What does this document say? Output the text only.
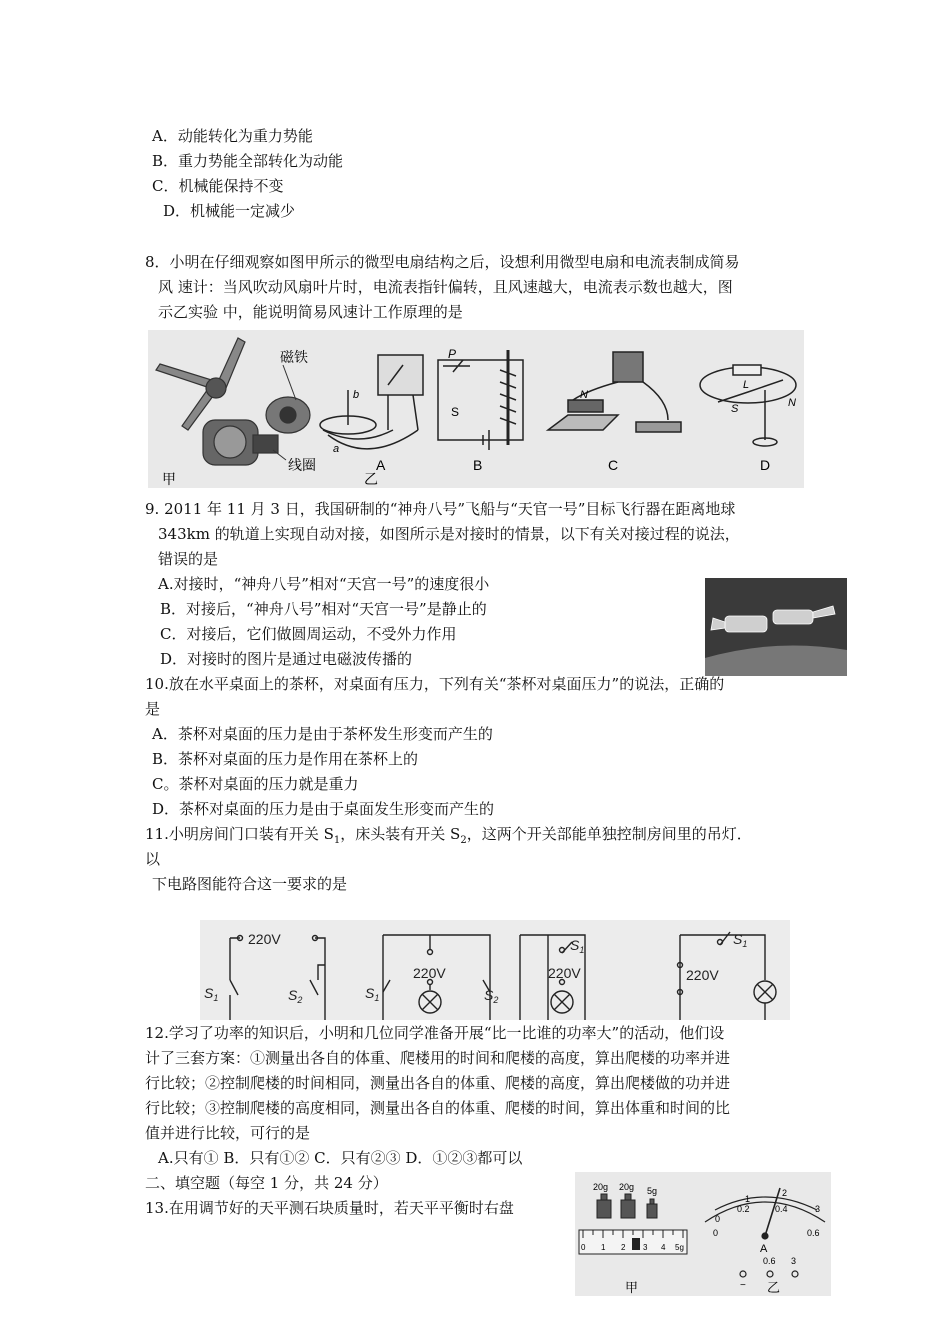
A．动能转化为重力势能
B．重力势能全部转化为动能
C．机械能保持不变
D．机械能一定减少
8．小明在仔细观察如图甲所示的微型电扇结构之后，设想利用微型电扇和电流表制成简易
风 速计：当风吹动风扇叶片时，电流表指针偏转，且风速越大，电流表示数也越大，图
示乙实验 中，能说明简易风速计工作原理的是
磁铁
线圈
甲	乙
a
b
A
P
S
B
N
C
L
S	N
D
9. 2011 年 11 月 3 日，我国研制的“神舟八号”飞船与“天官一号”目标飞行器在距离地球
343km 的轨道上实现自动对接，如图所示是对接时的情景，以下有关对接过程的说法，
错误的是
A.对接时，“神舟八号”相对“天宫一号”的速度很小
B．对接后，“神舟八号”相对“天宫一号”是静止的
C．对接后，它们做圆周运动，不受外力作用
D．对接时的图片是通过电磁波传播的
10.放在水平桌面上的茶杯，对桌面有压力，下列有关“茶杯对桌面压力”的说法，正确的
是
A．茶杯对桌面的压力是由于茶杯发生形变而产生的
B．茶杯对桌面的压力是作用在茶杯上的
C。茶杯对桌面的压力就是重力
D．茶杯对桌面的压力是由于桌面发生形变而产生的
11.小明房间门口装有开关 $S_1$，床头装有开关 $S_2$，这两个开关部能单独控制房间里的吊灯．
以
下电路图能符合这一要求的是
220V
220V	220V	220V
$S_1$	$S_2$	$S_1$	$S_2$
$S_1$
$S_1$
12.学习了功率的知识后，小明和几位同学准备开展“比一比谁的功率大”的活动，他们设
计了三套方案：①测量出各自的体重、爬楼用的时间和爬楼的高度，算出爬楼的功率并进
行比较；②控制爬楼的时间相同，测量出各自的体重、爬楼的高度，算出爬楼做的功并进
行比较；③控制爬楼的高度相同，测量出各自的体重、爬楼的时间，算出体重和时间的比
值并进行比较，可行的是
A.只有① B．只有①② C．只有②③ D．①②③都可以
二、填空题（每空 1 分，共 24 分）
13.在用调节好的天平测石块质量时，若天平平衡时右盘
20g 20g 5g
0 1 2 3 4 5g
甲
0
1
2
3
0.2	0.4
0.6
0
A
−
0.6 3
乙
